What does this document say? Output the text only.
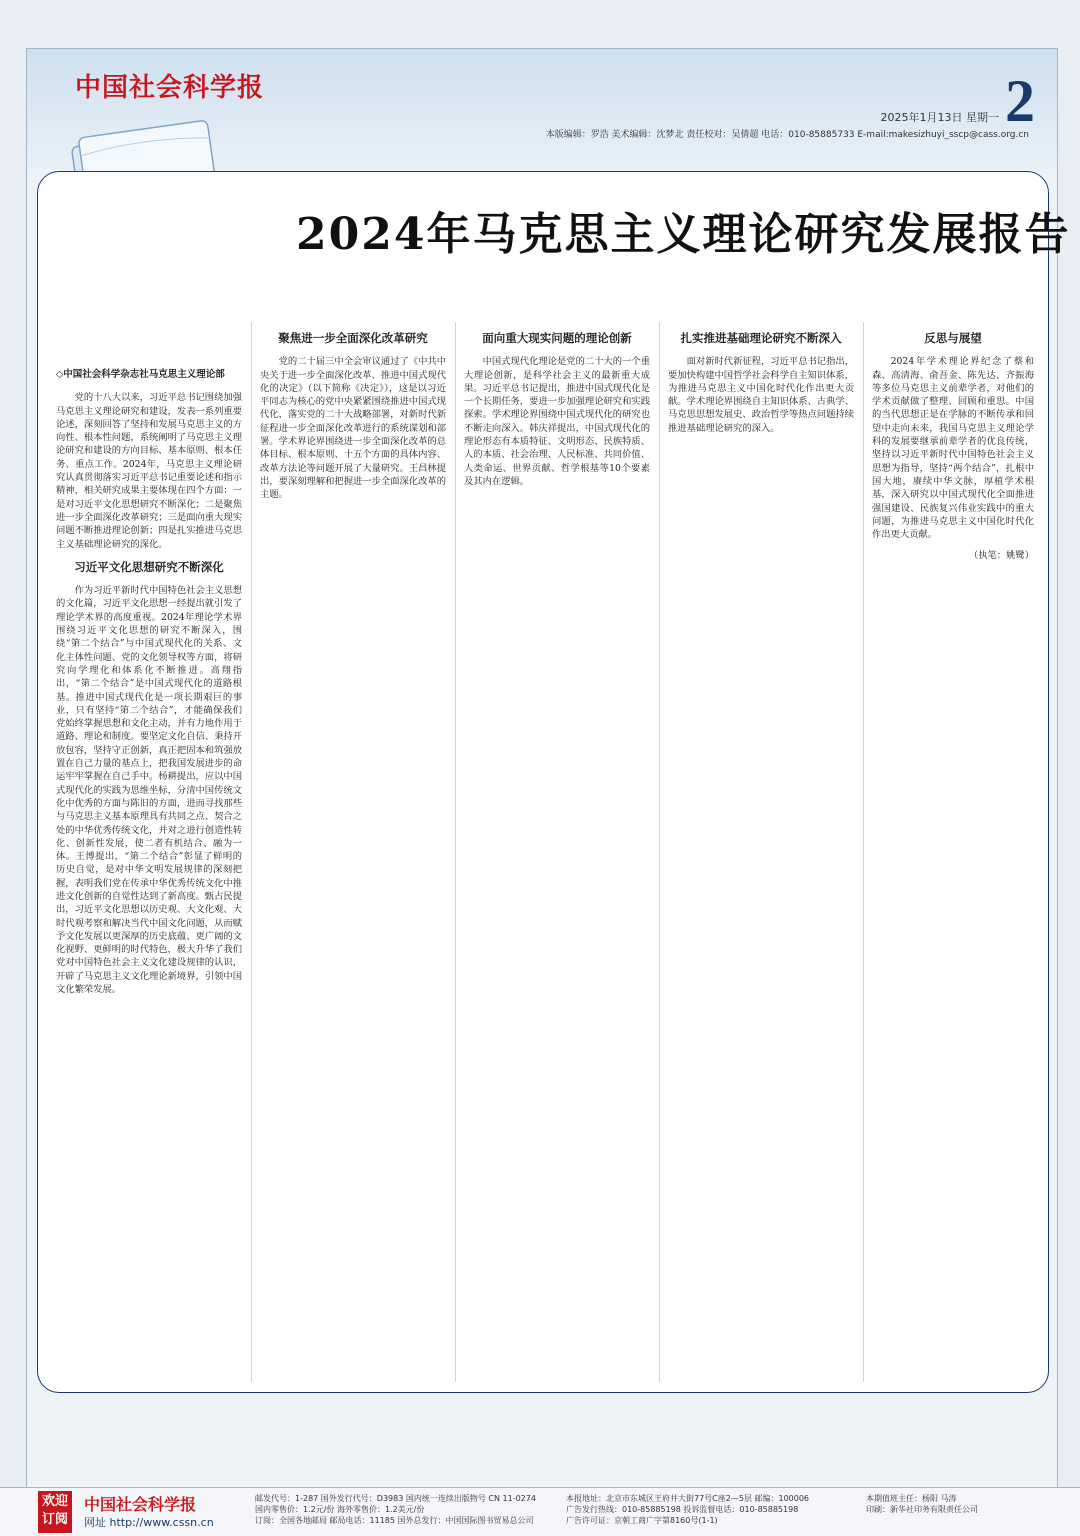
中国社会科学报	2
2025年1月13日 星期一
本版编辑：罗浩 美术编辑：沈梦北 责任校对：吴倩超 电话：010-85885733 E-mail:makesizhuyi_sscp@cass.org.cn
2024年马克思主义理论研究发展报告
◇中国社会科学杂志社马克思主义理论部

党的十八大以来，习近平总书记围绕加强马克思主义理论研究和建设，发表一系列重要论述，深刻回答了坚持和发展马克思主义的方向性、根本性问题，系统阐明了马克思主义理论研究和建设的方向目标、基本原则、根本任务、重点工作。2024年，马克思主义理论研究认真贯彻落实习近平总书记重要论述和指示精神，相关研究成果主要体现在四个方面：一是对习近平文化思想研究不断深化；二是聚焦进一步全面深化改革研究；三是面向重大现实问题不断推进理论创新；四是扎实推进马克思主义基础理论研究的深化。

习近平文化思想研究不断深化

作为习近平新时代中国特色社会主义思想的文化篇，习近平文化思想一经提出就引发了理论学术界的高度重视。2024年理论学术界围绕习近平文化思想的研究不断深入，围绕“第二个结合”与中国式现代化的关系、文化主体性问题、党的文化领导权等方面，将研究向学理化和体系化不断推进。高翔指出，“第二个结合”是中国式现代化的道路根基。推进中国式现代化是一项长期艰巨的事业，只有坚持“第二个结合”，才能确保我们党始终掌握思想和文化主动，并有力地作用于道路、理论和制度。要坚定文化自信、秉持开放包容，坚持守正创新，真正把固本和筑强放置在自己力量的基点上，把我国发展进步的命运牢牢掌握在自己手中。杨耕提出，应以中国式现代化的实践为思维坐标，分清中国传统文化中优秀的方面与陈旧的方面，进而寻找那些与马克思主义基本原理具有共同之点、契合之处的中华优秀传统文化，并对之进行创造性转化、创新性发展，使二者有机结合、融为一体。王博提出，“第二个结合”彰显了鲜明的历史自觉，是对中华文明发展规律的深刻把握，表明我们党在传承中华优秀传统文化中推进文化创新的自觉性达到了新高度。甄占民提出，习近平文化思想以历史观、大文化观、大时代观考察和解决当代中国文化问题，从而赋予文化发展以更深厚的历史底蕴、更广阔的文化视野、更鲜明的时代特色，极大升华了我们党对中国特色社会主义文化建设规律的认识，开辟了马克思主义文化理论新境界，引领中国文化繁荣发展。

聚焦进一步全面深化改革研究

党的二十届三中全会审议通过了《中共中央关于进一步全面深化改革、推进中国式现代化的决定》（以下简称《决定》），这是以习近平同志为核心的党中央紧紧围绕推进中国式现代化，落实党的二十大战略部署，对新时代新征程进一步全面深化改革进行的系统谋划和部署。学术界论界围绕进一步全面深化改革的总体目标、根本原则、十五个方面的具体内容、改革方法论等问题开展了大量研究。王昌林提出，要深刻理解和把握进一步全面深化改革的主题。

面向重大现实问题的理论创新

中国式现代化理论是党的二十大的一个重大理论创新，是科学社会主义的最新重大成果。习近平总书记提出，推进中国式现代化是一个长期任务，要进一步加强理论研究和实践探索。学术理论界围绕中国式现代化的研究也不断走向深入。韩庆祥提出，中国式现代化的理论形态有本质特征、文明形态、民族特质、人的本质、社会治理、人民标准、共同价值、人类命运、世界贡献、哲学根基等10个要素及其内在逻辑。

扎实推进基础理论研究不断深入

面对新时代新征程，习近平总书记指出，要加快构建中国哲学社会科学自主知识体系，为推进马克思主义中国化时代化作出更大贡献。学术理论界围绕自主知识体系、古典学、马克思思想发展史、政治哲学等热点问题持续推进基础理论研究的深入。

反思与展望

2024年学术理论界纪念了蔡和森、高清海、俞吾金、陈先达、齐振海等多位马克思主义前辈学者，对他们的学术贡献做了整理、回顾和重思。中国的当代思想正是在学脉的不断传承和回望中走向未来，我国马克思主义理论学科的发展要继承前辈学者的优良传统，坚持以习近平新时代中国特色社会主义思想为指导，坚持“两个结合”，扎根中国大地，赓续中华文脉，厚植学术根基，深入研究以中国式现代化全面推进强国建设、民族复兴伟业实践中的重大问题，为推进马克思主义中国化时代化作出更大贡献。

（执笔：姚鹭）
欢迎订阅
中国社会科学报
网址 http://www.cssn.cn
邮发代号：1-287 国外发行代号：D3983 国内统一连续出版物号 CN 11-0274
国内零售价：1.2元/份 海外零售价：1.2美元/份
订阅：全国各地邮局 邮局电话：11185 国外总发行：中国国际图书贸易总公司
本报地址：北京市东城区王府井大街77号C座2—5层 邮编：100006
广告发行热线：010-85885198 投诉监督电话：010-85885198
广告许可证：京朝工商广字第8160号(1-1)
本期值班主任：杨阳 马涛
印刷：新华社印务有限责任公司
